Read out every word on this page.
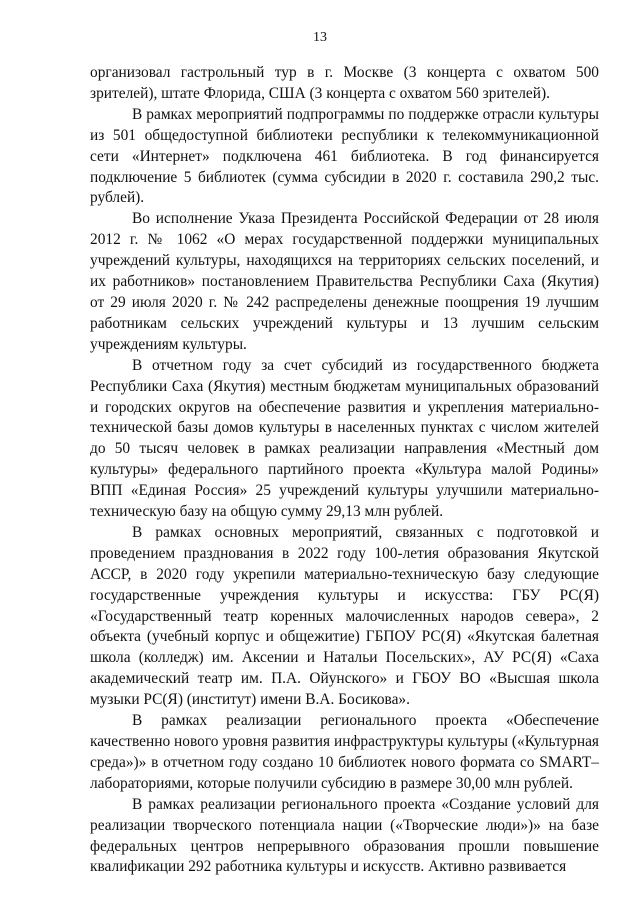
13

организовал гастрольный тур в г. Москве (3 концерта с охватом 500 зрителей), штате Флорида, США (3 концерта с охватом 560 зрителей).

В рамках мероприятий подпрограммы по поддержке отрасли культуры из 501 общедоступной библиотеки республики к телекоммуникационной сети «Интернет» подключена 461 библиотека. В год финансируется подключение 5 библиотек (сумма субсидии в 2020 г. составила 290,2 тыс. рублей).

Во исполнение Указа Президента Российской Федерации от 28 июля 2012 г. № 1062 «О мерах государственной поддержки муниципальных учреждений культуры, находящихся на территориях сельских поселений, и их работников» постановлением Правительства Республики Саха (Якутия) от 29 июля 2020 г. № 242 распределены денежные поощрения 19 лучшим работникам сельских учреждений культуры и 13 лучшим сельским учреждениям культуры.

В отчетном году за счет субсидий из государственного бюджета Республики Саха (Якутия) местным бюджетам муниципальных образований и городских округов на обеспечение развития и укрепления материально-технической базы домов культуры в населенных пунктах с числом жителей до 50 тысяч человек в рамках реализации направления «Местный дом культуры» федерального партийного проекта «Культура малой Родины» ВПП «Единая Россия» 25 учреждений культуры улучшили материально-техническую базу на общую сумму 29,13 млн рублей.

В рамках основных мероприятий, связанных с подготовкой и проведением празднования в 2022 году 100-летия образования Якутской АССР, в 2020 году укрепили материально-техническую базу следующие государственные учреждения культуры и искусства: ГБУ РС(Я) «Государственный театр коренных малочисленных народов севера», 2 объекта (учебный корпус и общежитие) ГБПОУ РС(Я) «Якутская балетная школа (колледж) им. Аксении и Натальи Посельских», АУ РС(Я) «Саха академический театр им. П.А. Ойунского» и ГБОУ ВО «Высшая школа музыки РС(Я) (институт) имени В.А. Босикова».

В рамках реализации регионального проекта «Обеспечение качественно нового уровня развития инфраструктуры культуры («Культурная среда»)» в отчетном году создано 10 библиотек нового формата со SMART–лабораториями, которые получили субсидию в размере 30,00 млн рублей.

В рамках реализации регионального проекта «Создание условий для реализации творческого потенциала нации («Творческие люди»)» на базе федеральных центров непрерывного образования прошли повышение квалификации 292 работника культуры и искусств. Активно развивается
